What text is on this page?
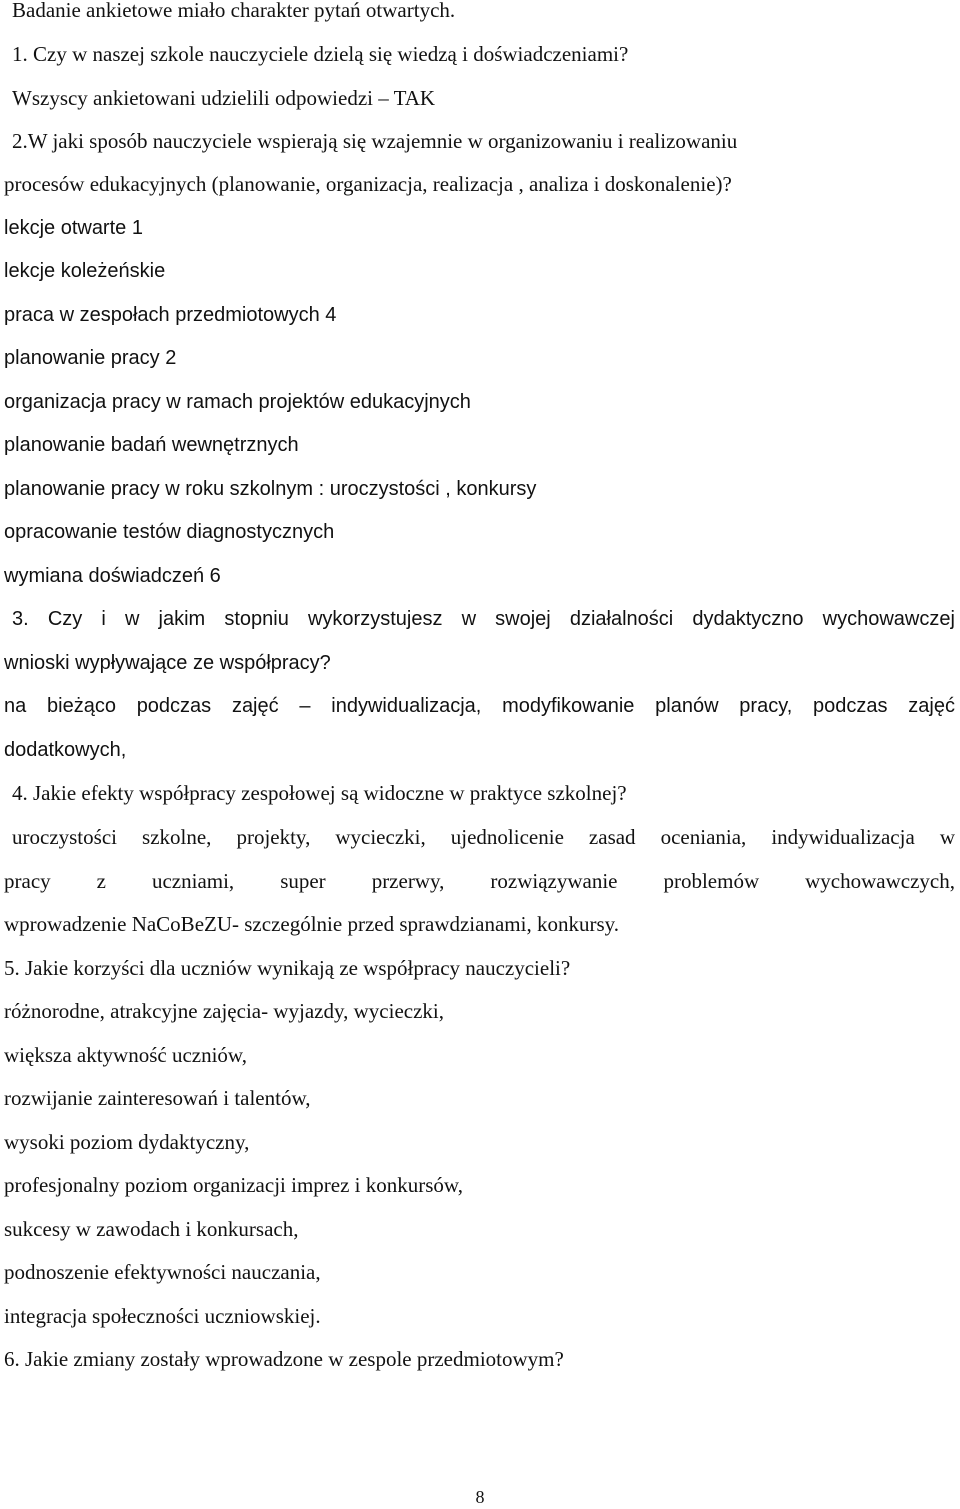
Badanie ankietowe miało charakter pytań otwartych.
1. Czy w naszej szkole nauczyciele dzielą się wiedzą i doświadczeniami?
Wszyscy ankietowani udzielili odpowiedzi – TAK
2.W jaki sposób nauczyciele wspierają się wzajemnie w organizowaniu i realizowaniu
procesów edukacyjnych (planowanie, organizacja, realizacja , analiza i doskonalenie)?
lekcje otwarte 1
lekcje koleżeńskie
praca w zespołach przedmiotowych 4
planowanie pracy 2
organizacja pracy w ramach projektów edukacyjnych
planowanie badań wewnętrznych
planowanie pracy w roku szkolnym : uroczystości , konkursy
opracowanie testów diagnostycznych
wymiana doświadczeń 6
3. Czy i w jakim stopniu wykorzystujesz w swojej działalności dydaktyczno wychowawczej
wnioski wypływające ze współpracy?
na bieżąco podczas zajęć – indywidualizacja, modyfikowanie planów pracy, podczas zajęć
dodatkowych,
4. Jakie efekty współpracy zespołowej są widoczne w praktyce szkolnej?
uroczystości szkolne, projekty, wycieczki, ujednolicenie zasad oceniania, indywidualizacja w
pracy z uczniami, super przerwy, rozwiązywanie problemów wychowawczych,
wprowadzenie NaCoBeZU- szczególnie przed sprawdzianami, konkursy.
5. Jakie korzyści dla uczniów wynikają ze współpracy nauczycieli?
różnorodne, atrakcyjne zajęcia- wyjazdy, wycieczki,
większa aktywność uczniów,
rozwijanie zainteresowań i talentów,
wysoki poziom dydaktyczny,
profesjonalny poziom organizacji imprez i konkursów,
sukcesy w zawodach i konkursach,
podnoszenie efektywności nauczania,
integracja społeczności uczniowskiej.
6. Jakie zmiany zostały wprowadzone w zespole przedmiotowym?
8
